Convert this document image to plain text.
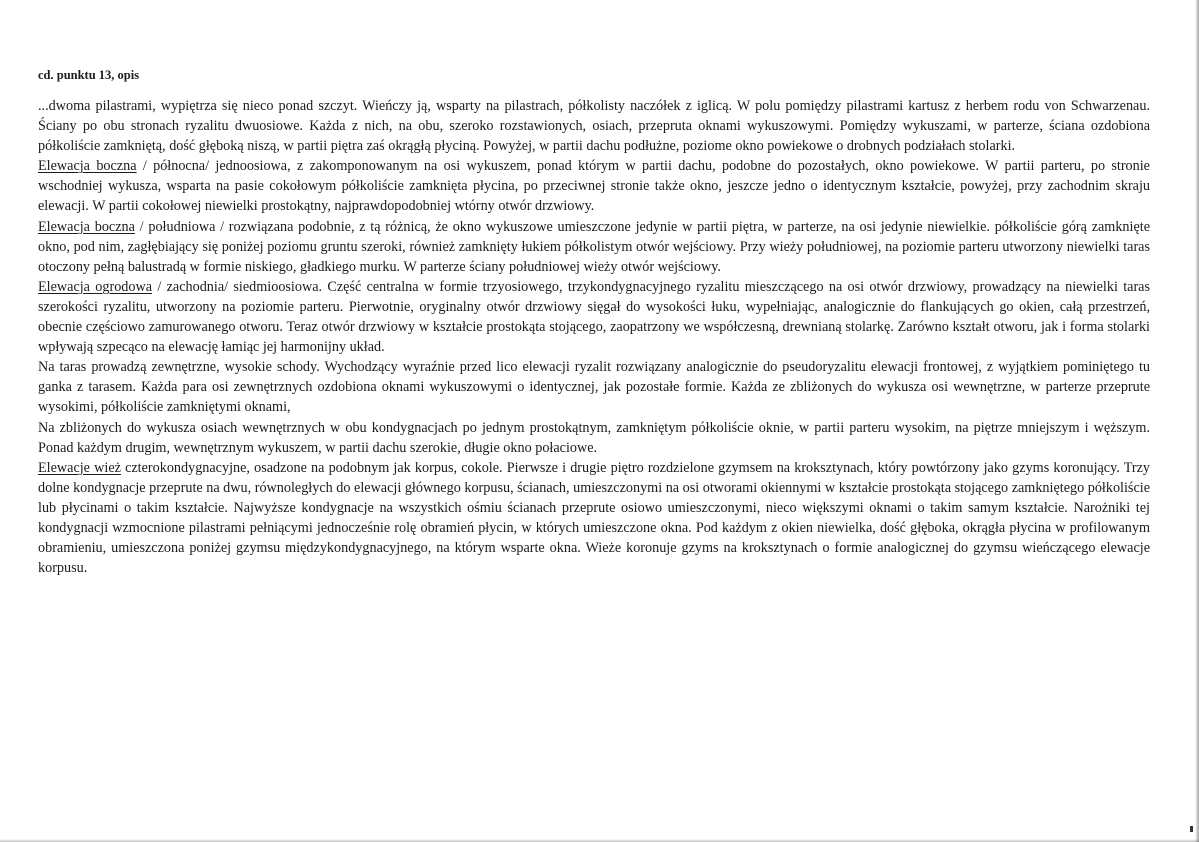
cd. punktu 13, opis

...dwoma pilastrami, wypiętrza się nieco ponad szczyt. Wieńczy ją, wsparty na pilastrach, półkolisty naczółek z iglicą. W polu pomiędzy pilastrami kartusz z herbem rodu von Schwarzenau. Ściany po obu stronach ryzalitu dwuosiowe. Każda z nich, na obu, szeroko rozstawionych, osiach, przepruta oknami wykuszowymi. Pomiędzy wykuszami, w parterze, ściana ozdobiona półkoliście zamkniętą, dość głęboką niszą, w partii piętra zaś okrągłą płyciną. Powyżej, w partii dachu podłużne, poziome okno powiekowe o drobnych podziałach stolarki.

Elewacja boczna / północna/ jednoosiowa, z zakomponowanym na osi wykuszem, ponad którym w partii dachu, podobne do pozostałych, okno powiekowe. W partii parteru, po stronie wschodniej wykusza, wsparta na pasie cokołowym półkoliście zamknięta płycina, po przeciwnej stronie także okno, jeszcze jedno o identycznym kształcie, powyżej, przy zachodnim skraju elewacji. W partii cokołowej niewielki prostokątny, najprawdopodobniej wtórny otwór drzwiowy.

Elewacja boczna / południowa / rozwiązana podobnie, z tą różnicą, że okno wykuszowe umieszczone jedynie w partii piętra, w parterze, na osi jedynie niewielkie. półkoliście górą zamknięte okno, pod nim, zagłębiający się poniżej poziomu gruntu szeroki, również zamknięty łukiem półkolistym otwór wejściowy. Przy wieży południowej, na poziomie parteru utworzony niewielki taras otoczony pełną balustradą w formie niskiego, gładkiego murku. W parterze ściany południowej wieży otwór wejściowy.

Elewacja ogrodowa / zachodnia/ siedmioosiowa. Część centralna w formie trzyosiowego, trzykondygnacyjnego ryzalitu mieszczącego na osi otwór drzwiowy, prowadzący na niewielki taras szerokości ryzalitu, utworzony na poziomie parteru. Pierwotnie, oryginalny otwór drzwiowy sięgał do wysokości łuku, wypełniając, analogicznie do flankujących go okien, całą przestrzeń, obecnie częściowo zamurowanego otworu. Teraz otwór drzwiowy w kształcie prostokąta stojącego, zaopatrzony we współczesną, drewnianą stolarkę. Zarówno kształt otworu, jak i forma stolarki wpływają szpecąco na elewację łamiąc jej harmonijny układ.

Na taras prowadzą zewnętrzne, wysokie schody. Wychodzący wyraźnie przed lico elewacji ryzalit rozwiązany analogicznie do pseudoryzalitu elewacji frontowej, z wyjątkiem pominiętego tu ganka z tarasem. Każda para osi zewnętrznych ozdobiona oknami wykuszowymi o identycznej, jak pozostałe formie. Każda ze zbliżonych do wykusza osi wewnętrzne, w parterze przeprute wysokimi, półkoliście zamkniętymi oknami,

Na zbliżonych do wykusza osiach wewnętrznych w obu kondygnacjach po jednym prostokątnym, zamkniętym półkoliście oknie, w partii parteru wysokim, na piętrze mniejszym i węższym. Ponad każdym drugim, wewnętrznym wykuszem, w partii dachu szerokie, długie okno połaciowe.

Elewacje wież czterokondygnacyjne, osadzone na podobnym jak korpus, cokole. Pierwsze i drugie piętro rozdzielone gzymsem na kroksztynach, który powtórzony jako gzyms koronujący. Trzy dolne kondygnacje przeprute na dwu, równoległych do elewacji głównego korpusu, ścianach, umieszczonymi na osi otworami okiennymi w kształcie prostokąta stojącego zamkniętego półkoliście lub płycinami o takim kształcie. Najwyższe kondygnacje na wszystkich ośmiu ścianach przeprute osiowo umieszczonymi, nieco większymi oknami o takim samym kształcie. Narożniki tej kondygnacji wzmocnione pilastrami pełniącymi jednocześnie rolę obramień płycin, w których umieszczone okna. Pod każdym z okien niewielka, dość głęboka, okrągła płycina w profilowanym obramieniu, umieszczona poniżej gzymsu międzykondygnacyjnego, na którym wsparte okna. Wieże koronuje gzyms na kroksztynach o formie analogicznej do gzymsu wieńczącego elewacje korpusu.
